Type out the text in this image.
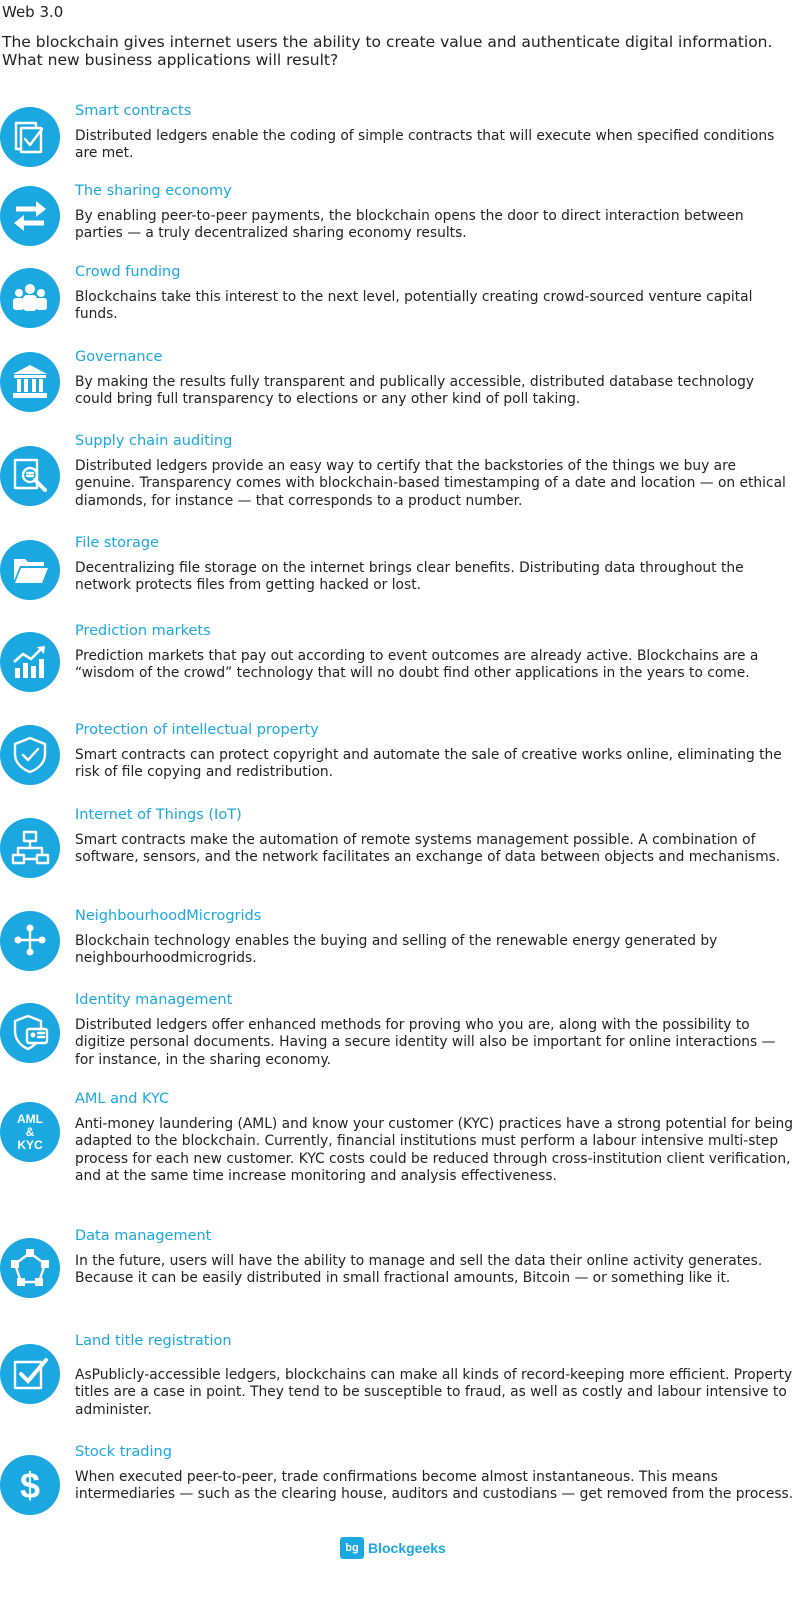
Web 3.0
The blockchain gives internet users the ability to create value and authenticate digital information. What new business applications will result?
Smart contracts
Distributed ledgers enable the coding of simple contracts that will execute when specified conditions are met.
The sharing economy
By enabling peer-to-peer payments, the blockchain opens the door to direct interaction between parties — a truly decentralized sharing economy results.
Crowd funding
Blockchains take this interest to the next level, potentially creating crowd-sourced venture capital funds.
Governance
By making the results fully transparent and publically accessible, distributed database technology could bring full transparency to elections or any other kind of poll taking.
Supply chain auditing
Distributed ledgers provide an easy way to certify that the backstories of the things we buy are genuine. Transparency comes with blockchain-based timestamping of a date and location — on ethical diamonds, for instance — that corresponds to a product number.
File storage
Decentralizing file storage on the internet brings clear benefits. Distributing data throughout the network protects files from getting hacked or lost.
Prediction markets
Prediction markets that pay out according to event outcomes are already active. Blockchains are a “wisdom of the crowd” technology that will no doubt find other applications in the years to come.
Protection of intellectual property
Smart contracts can protect copyright and automate the sale of creative works online, eliminating the risk of file copying and redistribution.
Internet of Things (IoT)
Smart contracts make the automation of remote systems management possible. A combination of software, sensors, and the network facilitates an exchange of data between objects and mechanisms.
NeighbourhoodMicrogrids
Blockchain technology enables the buying and selling of the renewable energy generated by neighbourhoodmicrogrids.
Identity management
Distributed ledgers offer enhanced methods for proving who you are, along with the possibility to digitize personal documents. Having a secure identity will also be important for online interactions — for instance, in the sharing economy.
AML
&
KYC
AML and KYC
Anti-money laundering (AML) and know your customer (KYC) practices have a strong potential for being adapted to the blockchain. Currently, financial institutions must perform a labour intensive multi-step process for each new customer. KYC costs could be reduced through cross-institution client verification, and at the same time increase monitoring and analysis effectiveness.
Data management
In the future, users will have the ability to manage and sell the data their online activity generates. Because it can be easily distributed in small fractional amounts, Bitcoin — or something like it.
Land title registration
AsPublicly-accessible ledgers, blockchains can make all kinds of record-keeping more efficient. Property titles are a case in point. They tend to be susceptible to fraud, as well as costly and labour intensive to administer.
$
Stock trading
When executed peer-to-peer, trade confirmations become almost instantaneous. This means intermediaries — such as the clearing house, auditors and custodians — get removed from the process.
bg Blockgeeks
